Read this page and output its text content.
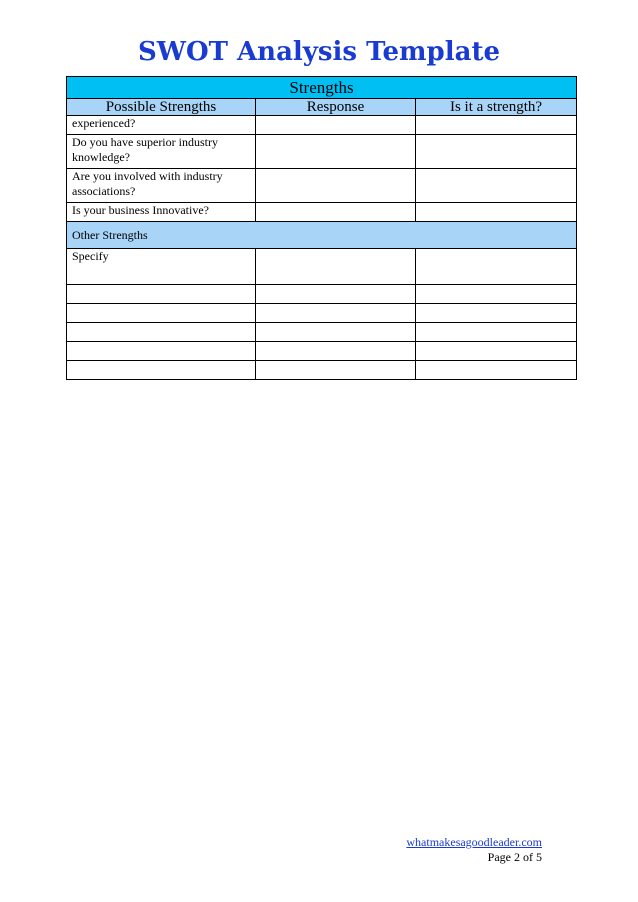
SWOT Analysis Template
Strengths		
Possible Strengths	Response	Is it a strength?
experienced?		
Do you have superior industry knowledge?		
Are you involved with industry associations?		
Is your business Innovative?		
Other Strengths		
Specify		

whatmakesagoodleader.com
Page 2 of 5
